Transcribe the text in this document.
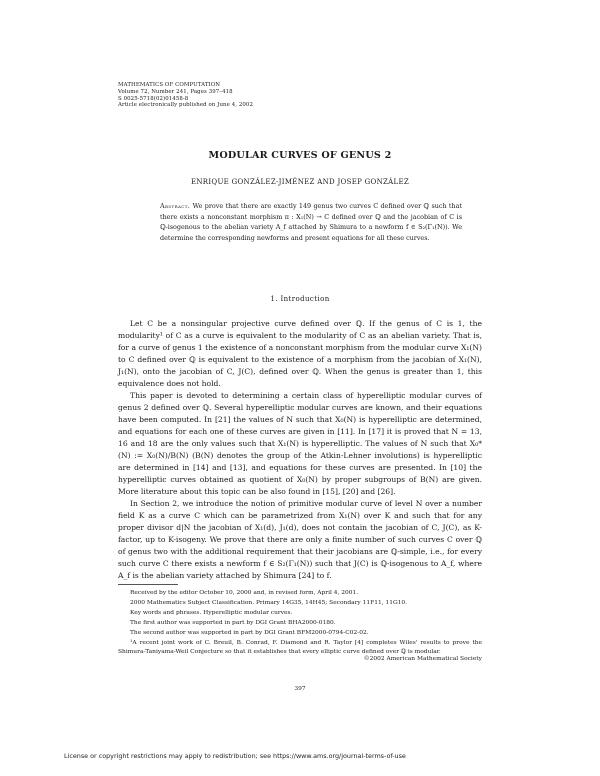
MATHEMATICS OF COMPUTATION
Volume 72, Number 241, Pages 397–418
S 0025-5718(02)01458-8
Article electronically published on June 4, 2002
MODULAR CURVES OF GENUS 2
ENRIQUE GONZÁLEZ-JIMÉNEZ AND JOSEP GONZÁLEZ
Abstract. We prove that there are exactly 149 genus two curves C defined over ℚ such that there exists a nonconstant morphism π : X₁(N) → C defined over ℚ and the jacobian of C is ℚ-isogenous to the abelian variety A_f attached by Shimura to a newform f ∈ S₂(Γ₁(N)). We determine the corresponding newforms and present equations for all these curves.
1. Introduction

Let C be a nonsingular projective curve defined over ℚ. If the genus of C is 1, the modularity¹ of C as a curve is equivalent to the modularity of C as an abelian variety. That is, for a curve of genus 1 the existence of a nonconstant morphism from the modular curve X₁(N) to C defined over ℚ is equivalent to the existence of a morphism from the jacobian of X₁(N), J₁(N), onto the jacobian of C, J(C), defined over ℚ. When the genus is greater than 1, this equivalence does not hold.

This paper is devoted to determining a certain class of hyperelliptic modular curves of genus 2 defined over ℚ. Several hyperelliptic modular curves are known, and their equations have been computed. In [21] the values of N such that X₀(N) is hyperelliptic are determined, and equations for each one of these curves are given in [11]. In [17] it is proved that N = 13, 16 and 18 are the only values such that X₁(N) is hyperelliptic. The values of N such that X₀*(N) := X₀(N)/B(N) (B(N) denotes the group of the Atkin-Lehner involutions) is hyperelliptic are determined in [14] and [13], and equations for these curves are presented. In [10] the hyperelliptic curves obtained as quotient of X₀(N) by proper subgroups of B(N) are given. More literature about this topic can be also found in [15], [20] and [26].

In Section 2, we introduce the notion of primitive modular curve of level N over a number field K as a curve C which can be parametrized from X₁(N) over K and such that for any proper divisor d|N the jacobian of X₁(d), J₁(d), does not contain the jacobian of C, J(C), as K-factor, up to K-isogeny. We prove that there are only a finite number of such curves C over ℚ of genus two with the additional requirement that their jacobians are ℚ-simple, i.e., for every such curve C there exists a newform f ∈ S₂(Γ₁(N)) such that J(C) is ℚ-isogenous to A_f, where A_f is the abelian variety attached by Shimura [24] to f.

Received by the editor October 10, 2000 and, in revised form, April 4, 2001.
2000 Mathematics Subject Classification. Primary 14G35, 14H45; Secondary 11F11, 11G10.
Key words and phrases. Hyperelliptic modular curves.
The first author was supported in part by DGI Grant BHA2000-0180.
The second author was supported in part by DGI Grant BFM2000-0794-C02-02.
¹A recent joint work of C. Breuil, B. Conrad, F. Diamond and R. Taylor [4] completes Wiles' results to prove the Shimura-Taniyama-Weil Conjecture so that it establishes that every elliptic curve defined over ℚ is modular.
©2002 American Mathematical Society
397
License or copyright restrictions may apply to redistribution; see https://www.ams.org/journal-terms-of-use
